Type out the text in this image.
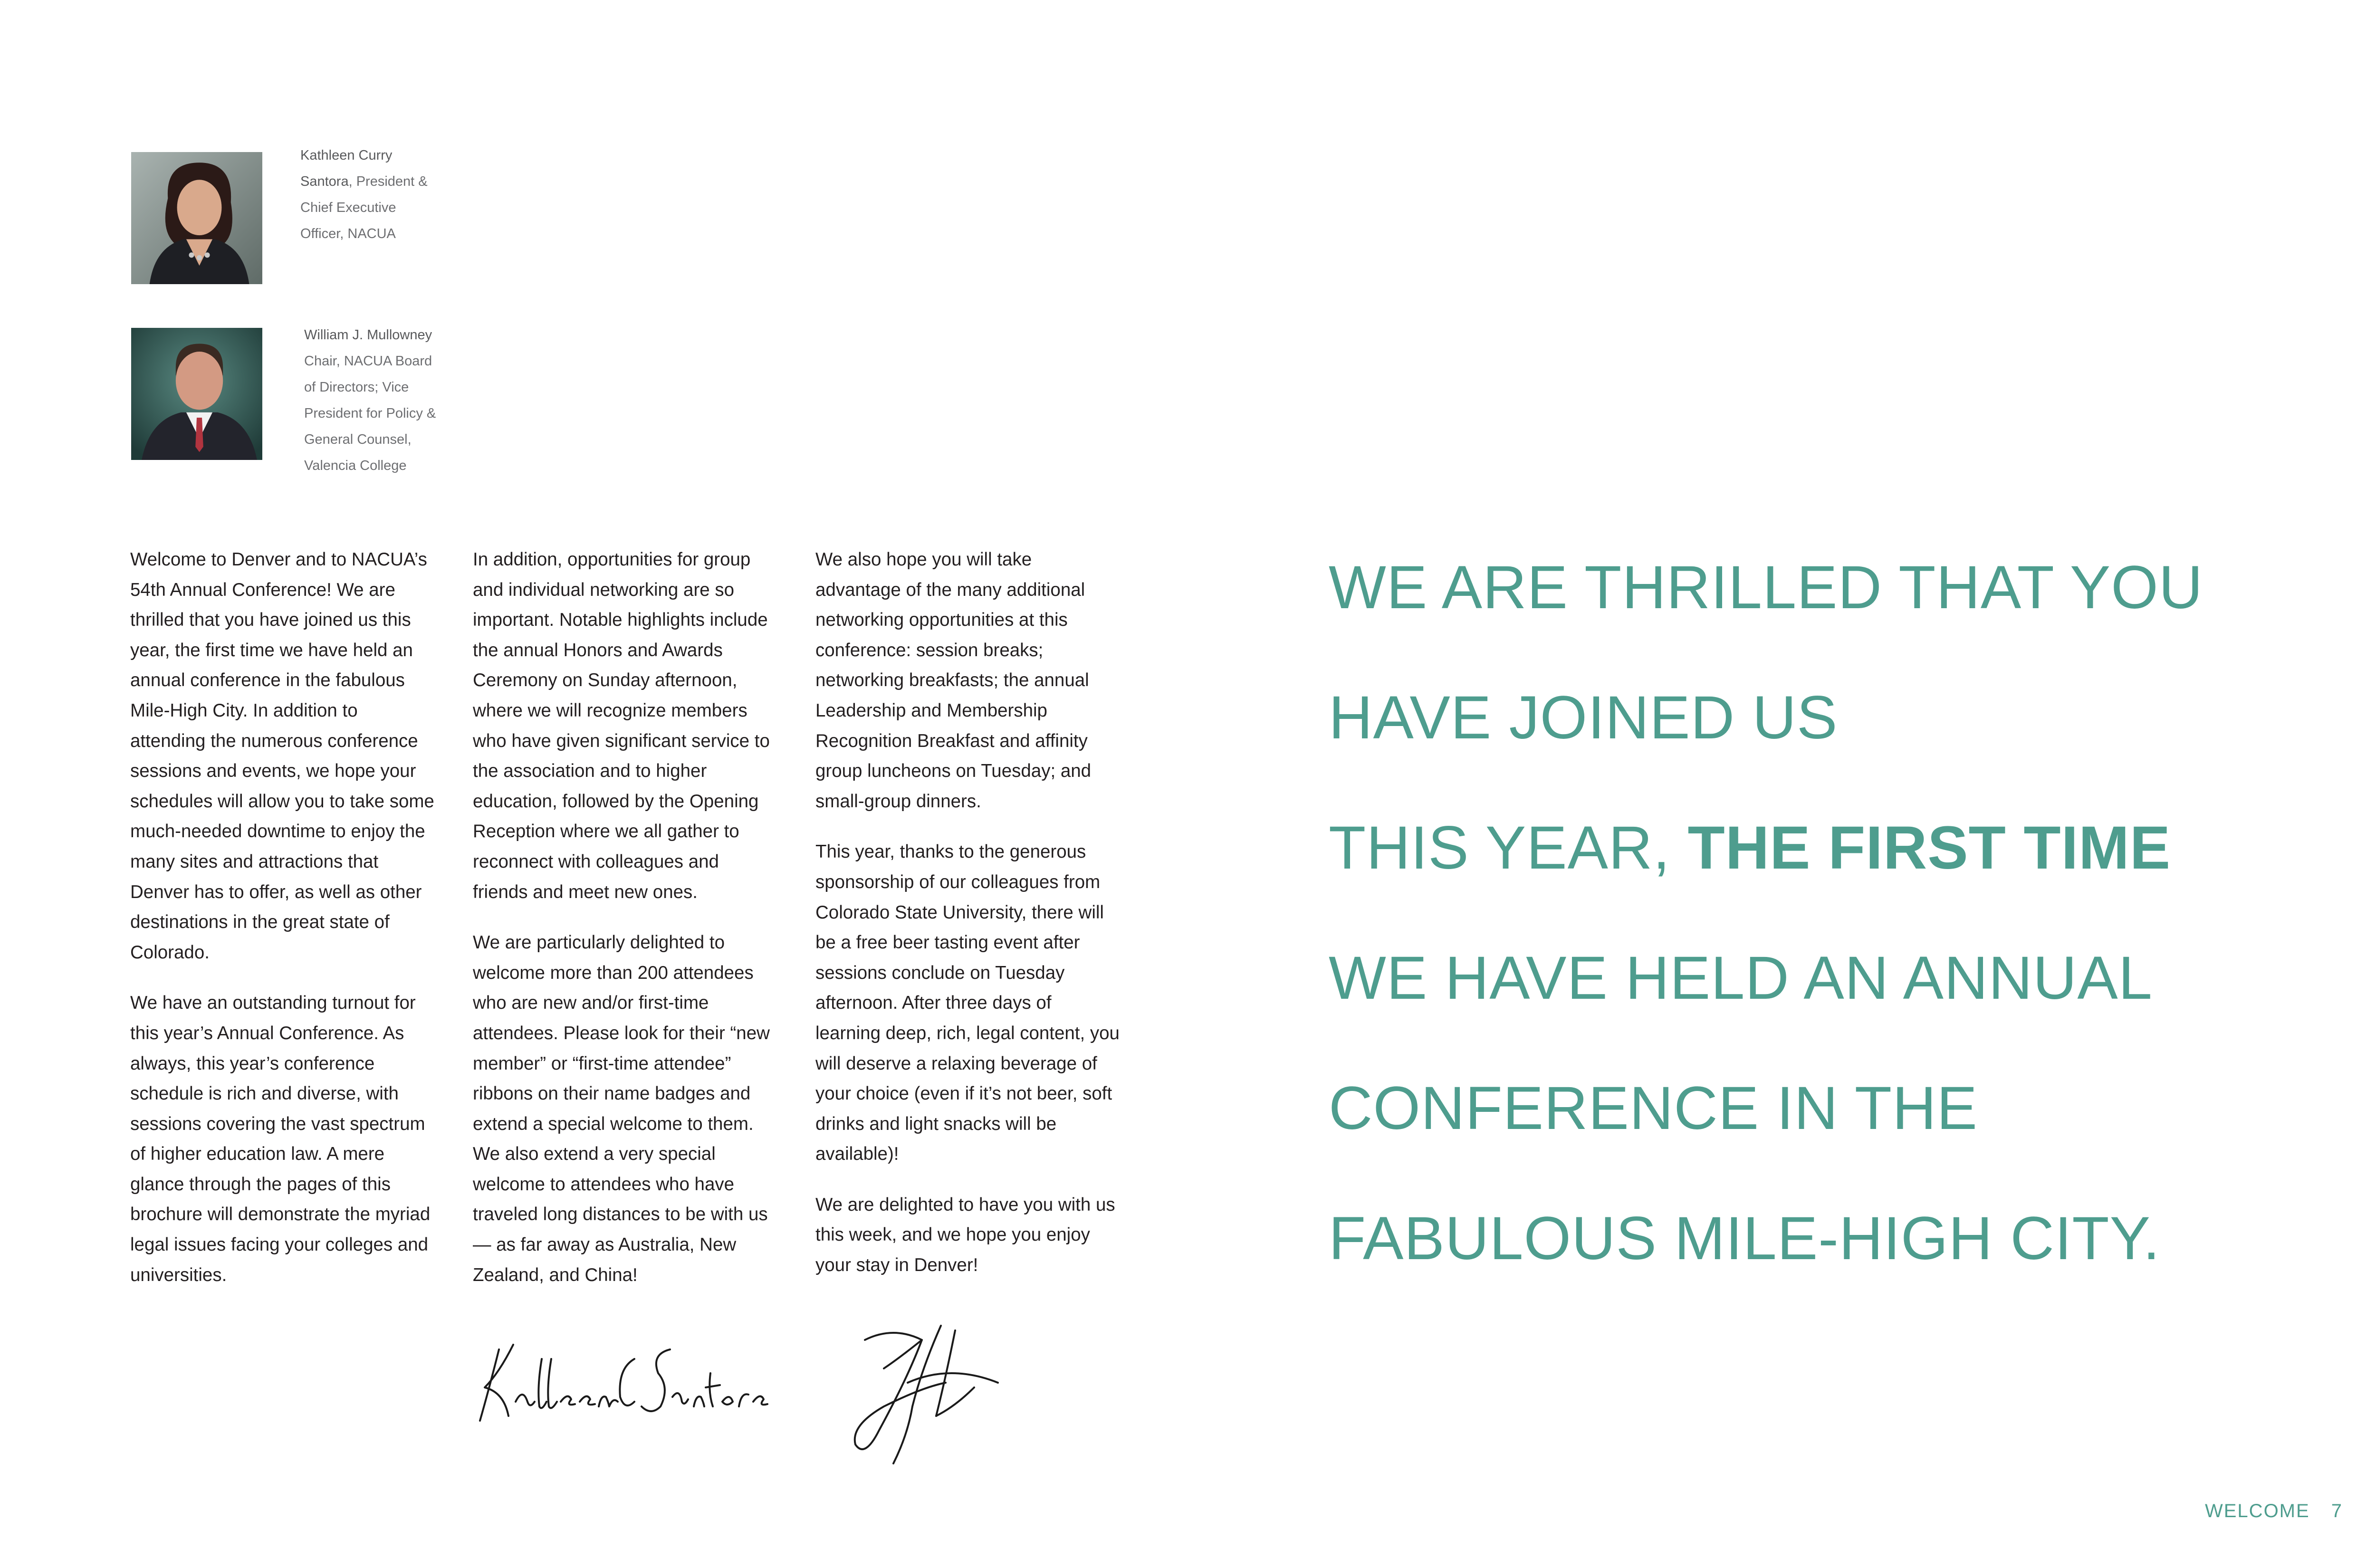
Kathleen Curry Santora, President & Chief Executive Officer, NACUA
William J. Mullowney
Chair, NACUA Board of Directors; Vice President for Policy & General Counsel, Valencia College

Welcome to Denver and to NACUA’s 54th Annual Conference! We are thrilled that you have joined us this year, the first time we have held an annual conference in the fabulous Mile-High City. In addition to attending the numerous conference sessions and events, we hope your schedules will allow you to take some much-needed downtime to enjoy the many sites and attractions that Denver has to offer, as well as other destinations in the great state of Colorado.

We have an outstanding turnout for this year’s Annual Conference. As always, this year’s conference schedule is rich and diverse, with sessions covering the vast spectrum of higher education law. A mere glance through the pages of this brochure will demonstrate the myriad legal issues facing your colleges and universities.

In addition, opportunities for group and individual networking are so important. Notable highlights include the annual Honors and Awards Ceremony on Sunday afternoon, where we will recognize members who have given significant service to the association and to higher education, followed by the Opening Reception where we all gather to reconnect with colleagues and friends and meet new ones.

We are particularly delighted to welcome more than 200 attendees who are new and/or first-time attendees. Please look for their “new member” or “first-time attendee” ribbons on their name badges and extend a special welcome to them. We also extend a very special welcome to attendees who have traveled long distances to be with us — as far away as Australia, New Zealand, and China!

We also hope you will take advantage of the many additional networking opportunities at this conference: session breaks; networking breakfasts; the annual Leadership and Membership Recognition Breakfast and affinity group luncheons on Tuesday; and small-group dinners.

This year, thanks to the generous sponsorship of our colleagues from Colorado State University, there will be a free beer tasting event after sessions conclude on Tuesday afternoon. After three days of learning deep, rich, legal content, you will deserve a relaxing beverage of your choice (even if it’s not beer, soft drinks and light snacks will be available)!

We are delighted to have you with us this week, and we hope you enjoy your stay in Denver!

WE ARE THRILLED THAT YOU
HAVE JOINED US
THIS YEAR, THE FIRST TIME
WE HAVE HELD AN ANNUAL
CONFERENCE IN THE
FABULOUS MILE-HIGH CITY.
WELCOME 7
